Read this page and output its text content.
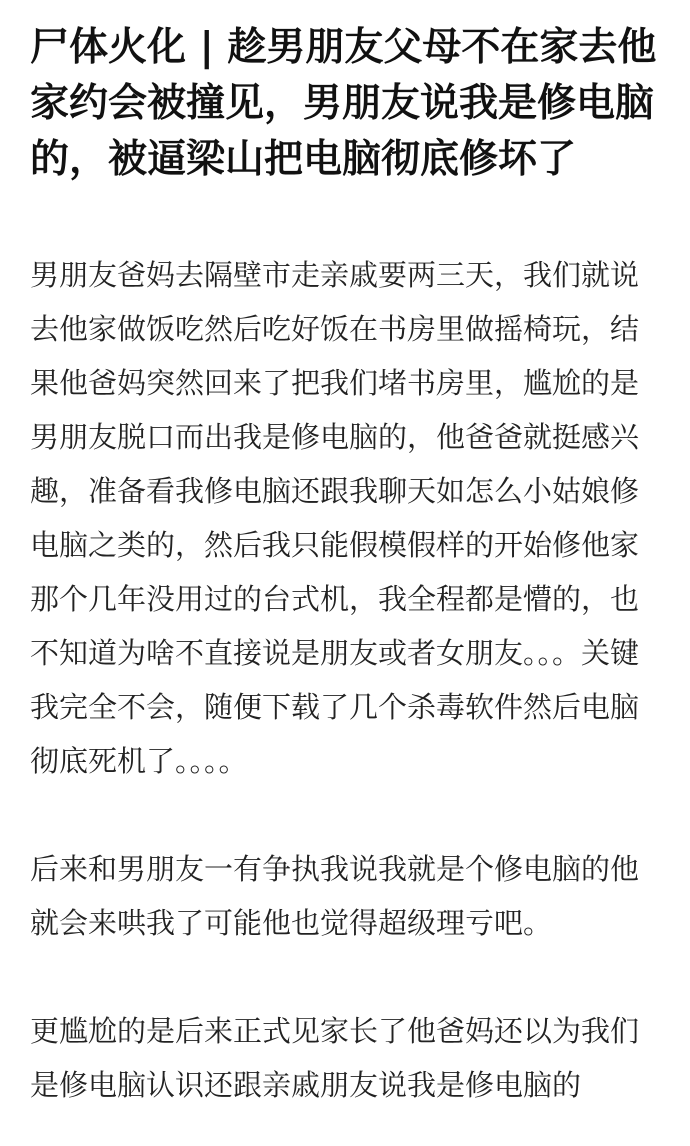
尸体火化 | 趁男朋友父母不在家去他家约会被撞见，男朋友说我是修电脑的，被逼梁山把电脑彻底修坏了

男朋友爸妈去隔壁市走亲戚要两三天，我们就说去他家做饭吃然后吃好饭在书房里做摇椅玩，结果他爸妈突然回来了把我们堵书房里，尴尬的是男朋友脱口而出我是修电脑的，他爸爸就挺感兴趣，准备看我修电脑还跟我聊天如怎么小姑娘修电脑之类的，然后我只能假模假样的开始修他家那个几年没用过的台式机，我全程都是懵的，也不知道为啥不直接说是朋友或者女朋友。。。关键我完全不会，随便下载了几个杀毒软件然后电脑彻底死机了。。。。

后来和男朋友一有争执我说我就是个修电脑的他就会来哄我了可能他也觉得超级理亏吧。

更尴尬的是后来正式见家长了他爸妈还以为我们是修电脑认识还跟亲戚朋友说我是修电脑的
